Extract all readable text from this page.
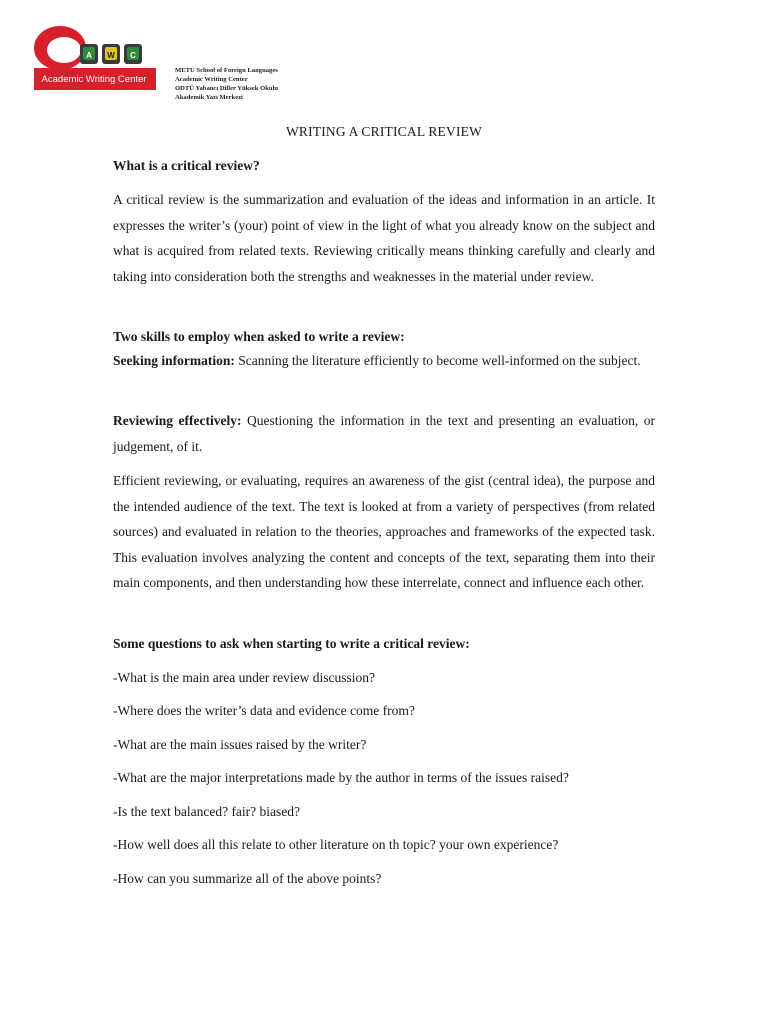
A	W	C
Academic Writing Center
METU School of Foreign Languages
Academic Writing Center
ODTÜ Yabancı Diller Yüksek Okulu
Akademik Yazı Merkezi
WRITING A CRITICAL REVIEW
What is a critical review?

A critical review is the summarization and evaluation of the ideas and information in an article. It expresses the writer’s (your) point of view in the light of what you already know on the subject and what is acquired from related texts. Reviewing critically means thinking carefully and clearly and taking into consideration both the strengths and weaknesses in the material under review.

Two skills to employ when asked to write a review:

Seeking information: Scanning the literature efficiently to become well-informed on the subject.

Reviewing effectively: Questioning the information in the text and presenting an evaluation, or judgement, of it.

Efficient reviewing, or evaluating, requires an awareness of the gist (central idea), the purpose and the intended audience of the text. The text is looked at from a variety of perspectives (from related sources) and evaluated in relation to the theories, approaches and frameworks of the expected task. This evaluation involves analyzing the content and concepts of the text, separating them into their main components, and then understanding how these interrelate, connect and influence each other.

Some questions to ask when starting to write a critical review:
-What is the main area under review discussion?
-Where does the writer’s data and evidence come from?
-What are the main issues raised by the writer?
-What are the major interpretations made by the author in terms of the issues raised?
-Is the text balanced? fair? biased?
-How well does all this relate to other literature on th topic? your own experience?
-How can you summarize all of the above points?
